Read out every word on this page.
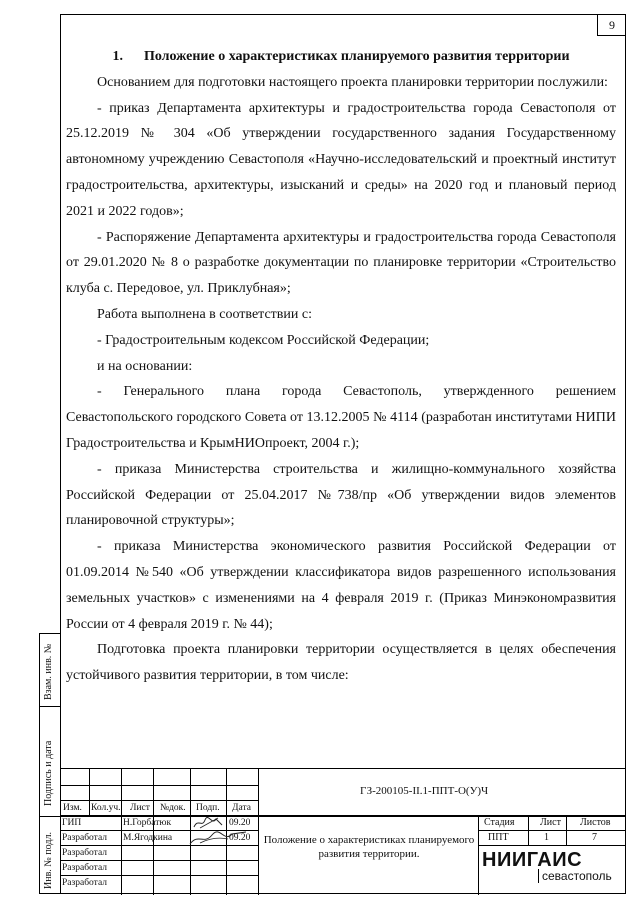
9
Взам. инв. №
Подпись и дата
Инв. № подл.

1. Положение о характеристиках планируемого развития территории

Основанием для подготовки настоящего проекта планировки территории послужили:

- приказ Департамента архитектуры и градостроительства города Севастополя от 25.12.2019 № 304 «Об утверждении государственного задания Государственному автономному учреждению Севастополя «Научно-исследовательский и проектный институт градостроительства, архитектуры, изысканий и среды» на 2020 год и плановый период 2021 и 2022 годов»;

- Распоряжение Департамента архитектуры и градостроительства города Севастополя от 29.01.2020 № 8 о разработке документации по планировке территории «Строительство клуба с. Передовое, ул. Приклубная»;

Работа выполнена в соответствии с:

- Градостроительным кодексом Российской Федерации;

и на основании:

- Генерального плана города Севастополь, утвержденного решением Севастопольского городского Совета от 13.12.2005 № 4114 (разработан институтами НИПИ Градостроительства и КрымНИОпроект, 2004 г.);

- приказа Министерства строительства и жилищно-коммунального хозяйства Российской Федерации от 25.04.2017 №738/пр «Об утверждении видов элементов планировочной структуры»;

- приказа Министерства экономического развития Российской Федерации от 01.09.2014 №540 «Об утверждении классификатора видов разрешенного использования земельных участков» с изменениями на 4 февраля 2019 г. (Приказ Минэкономразвития России от 4 февраля 2019 г. № 44);

Подготовка проекта планировки территории осуществляется в целях обеспечения устойчивого развития территории, в том числе:

Изм. Кол.уч. Лист №док. Подп. Дата
ГЗ-200105-II.1-ППТ-О(У)Ч
ГИП	Н.Горбатюк	09.20
Разработал М.Ягодкина	09.20
Разработал
Разработал
Разработал
Положение о характеристиках планируемого развития территории.
Стадия	Лист Листов
ППТ	1	7
НИИГАИС
севастополь
